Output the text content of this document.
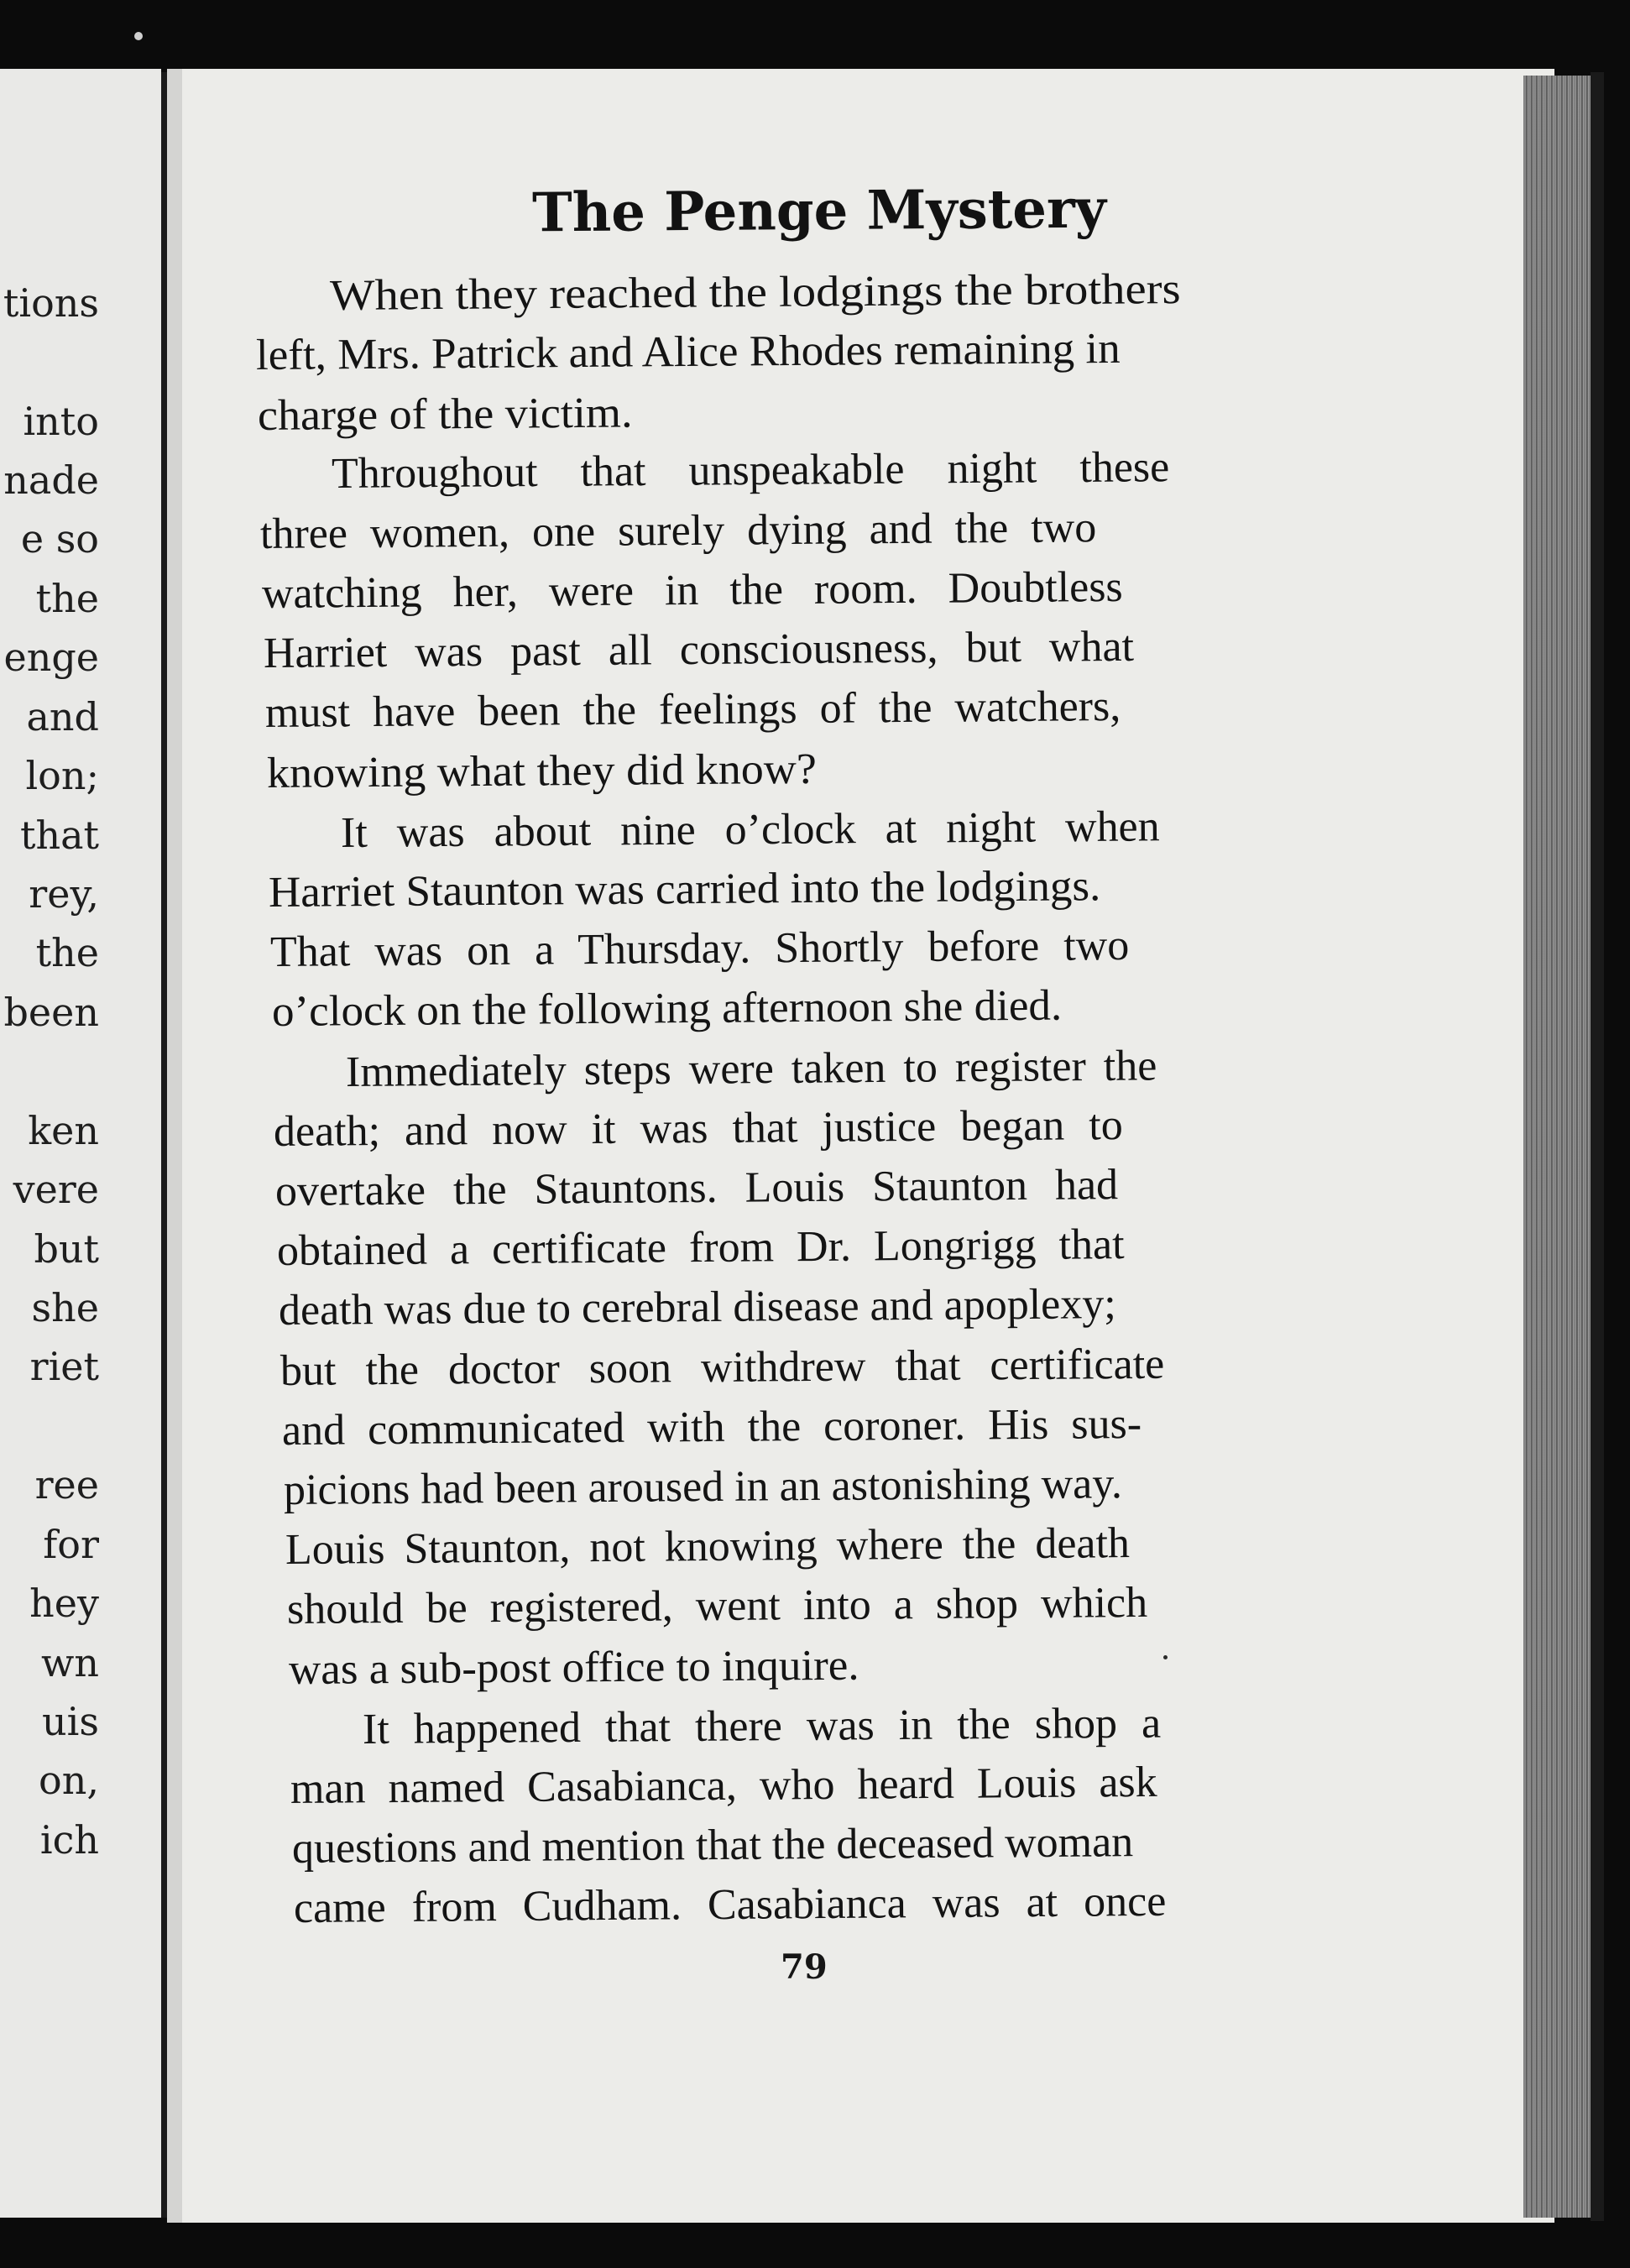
tions
into
nade
e so
the
enge
and
lon;
that
rey,
the
been
ken
vere
but
she
riet
ree
for
hey
wn
uis
on,
ich
The Penge Mystery
When they reached the lodgings the brothers
left, Mrs. Patrick and Alice Rhodes remaining in
charge of the victim.
Throughout that unspeakable night these
three women, one surely dying and the two
watching her, were in the room. Doubtless
Harriet was past all consciousness, but what
must have been the feelings of the watchers,
knowing what they did know?
It was about nine o’clock at night when
Harriet Staunton was carried into the lodgings.
That was on a Thursday. Shortly before two
o’clock on the following afternoon she died.
Immediately steps were taken to register the
death; and now it was that justice began to
overtake the Stauntons. Louis Staunton had
obtained a certificate from Dr. Longrigg that
death was due to cerebral disease and apoplexy;
but the doctor soon withdrew that certificate
and communicated with the coroner. His sus-
picions had been aroused in an astonishing way.
Louis Staunton, not knowing where the death
should be registered, went into a shop which
was a sub-post office to inquire.
It happened that there was in the shop a
man named Casabianca, who heard Louis ask
questions and mention that the deceased woman
came from Cudham. Casabianca was at once
79
